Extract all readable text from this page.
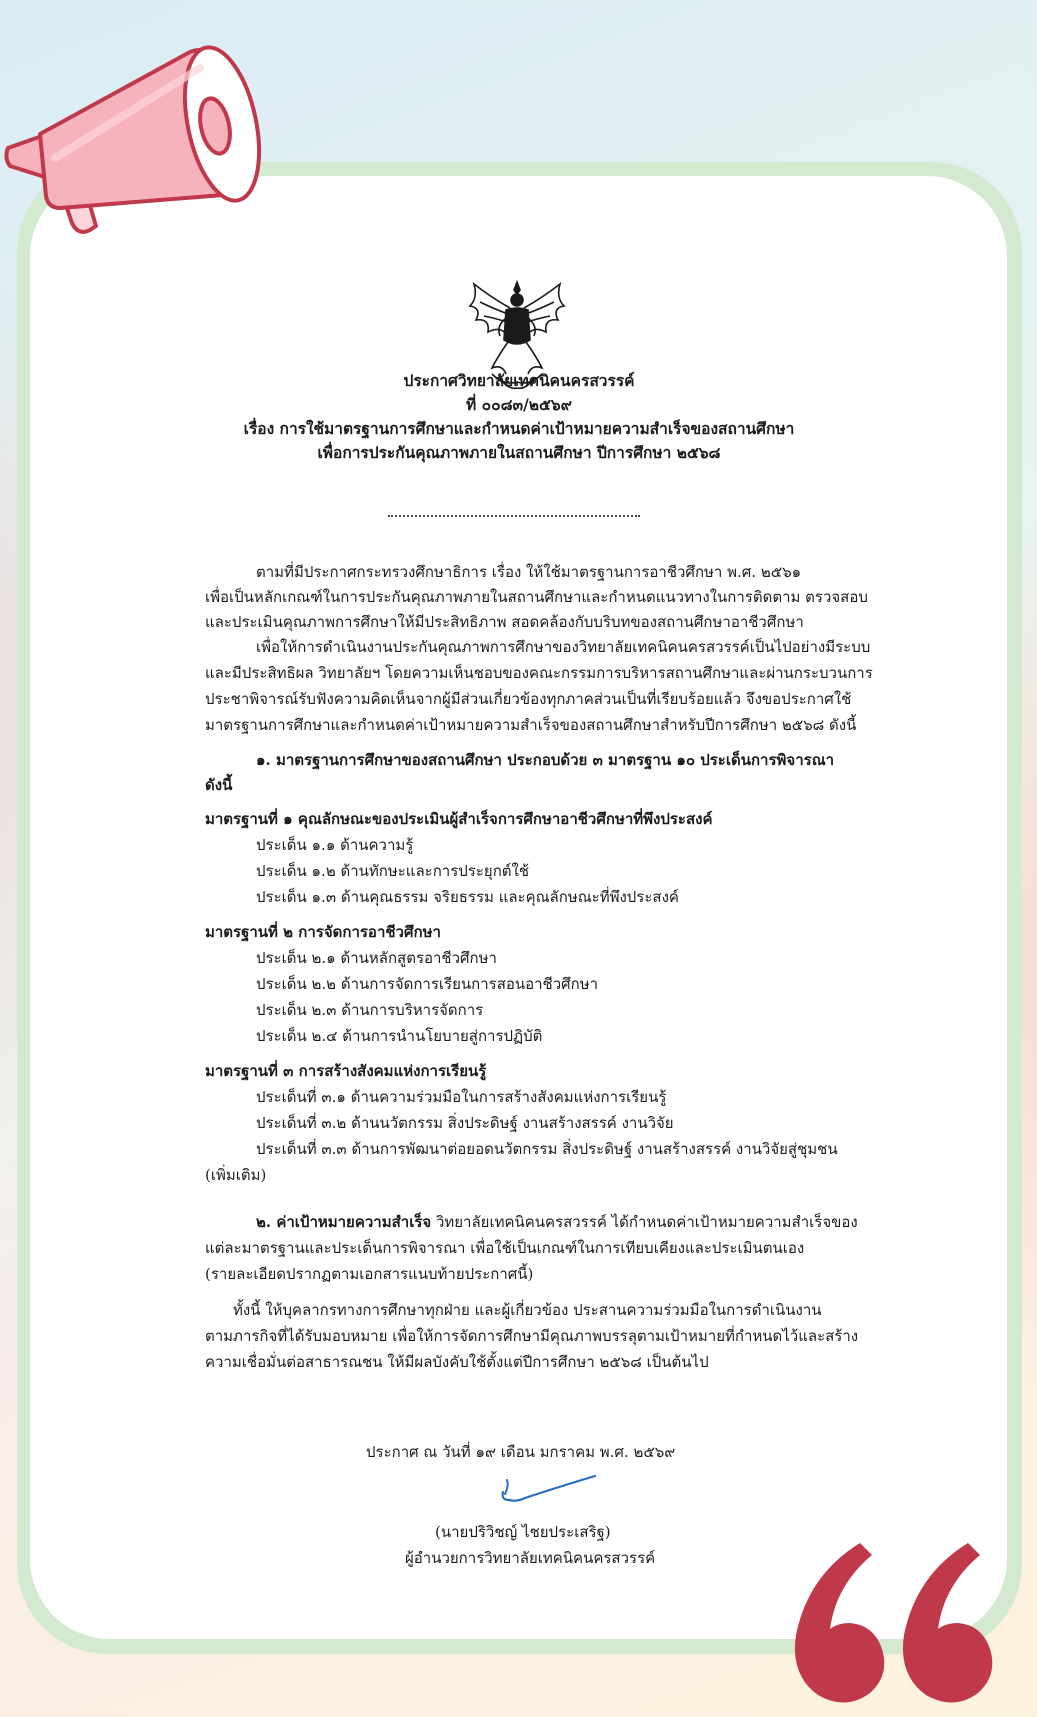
ประกาศวิทยาลัยเทคนิคนครสวรรค์
ที่ ๐๐๘๓/๒๕๖๙
เรื่อง การใช้มาตรฐานการศึกษาและกำหนดค่าเป้าหมายความสำเร็จของสถานศึกษา
เพื่อการประกันคุณภาพภายในสถานศึกษา ปีการศึกษา ๒๕๖๘
ตามที่มีประกาศกระทรวงศึกษาธิการ เรื่อง ให้ใช้มาตรฐานการอาชีวศึกษา พ.ศ. ๒๕๖๑
เพื่อเป็นหลักเกณฑ์ในการประกันคุณภาพภายในสถานศึกษาและกำหนดแนวทางในการติดตาม ตรวจสอบ
และประเมินคุณภาพการศึกษาให้มีประสิทธิภาพ สอดคล้องกับบริบทของสถานศึกษาอาชีวศึกษา
เพื่อให้การดำเนินงานประกันคุณภาพการศึกษาของวิทยาลัยเทคนิคนครสวรรค์เป็นไปอย่างมีระบบ
และมีประสิทธิผล วิทยาลัยฯ โดยความเห็นชอบของคณะกรรมการบริหารสถานศึกษาและผ่านกระบวนการ
ประชาพิจารณ์รับฟังความคิดเห็นจากผู้มีส่วนเกี่ยวข้องทุกภาคส่วนเป็นที่เรียบร้อยแล้ว จึงขอประกาศใช้
มาตรฐานการศึกษาและกำหนดค่าเป้าหมายความสำเร็จของสถานศึกษาสำหรับปีการศึกษา ๒๕๖๘ ดังนี้
๑. มาตรฐานการศึกษาของสถานศึกษา ประกอบด้วย ๓ มาตรฐาน ๑๐ ประเด็นการพิจารณา
ดังนี้
มาตรฐานที่ ๑ คุณลักษณะของประเมินผู้สำเร็จการศึกษาอาชีวศึกษาที่พึงประสงค์
ประเด็น ๑.๑ ด้านความรู้
ประเด็น ๑.๒ ด้านทักษะและการประยุกต์ใช้
ประเด็น ๑.๓ ด้านคุณธรรม จริยธรรม และคุณลักษณะที่พึงประสงค์
มาตรฐานที่ ๒ การจัดการอาชีวศึกษา
ประเด็น ๒.๑ ด้านหลักสูตรอาชีวศึกษา
ประเด็น ๒.๒ ด้านการจัดการเรียนการสอนอาชีวศึกษา
ประเด็น ๒.๓ ด้านการบริหารจัดการ
ประเด็น ๒.๔ ด้านการนำนโยบายสู่การปฏิบัติ
มาตรฐานที่ ๓ การสร้างสังคมแห่งการเรียนรู้
ประเด็นที่ ๓.๑ ด้านความร่วมมือในการสร้างสังคมแห่งการเรียนรู้
ประเด็นที่ ๓.๒ ด้านนวัตกรรม สิ่งประดิษฐ์ งานสร้างสรรค์ งานวิจัย
ประเด็นที่ ๓.๓ ด้านการพัฒนาต่อยอดนวัตกรรม สิ่งประดิษฐ์ งานสร้างสรรค์ งานวิจัยสู่ชุมชน
(เพิ่มเติม)
๒. ค่าเป้าหมายความสำเร็จ วิทยาลัยเทคนิคนครสวรรค์ ได้กำหนดค่าเป้าหมายความสำเร็จของ
แต่ละมาตรฐานและประเด็นการพิจารณา เพื่อใช้เป็นเกณฑ์ในการเทียบเคียงและประเมินตนเอง
(รายละเอียดปรากฏตามเอกสารแนบท้ายประกาศนี้)
ทั้งนี้ ให้บุคลากรทางการศึกษาทุกฝ่าย และผู้เกี่ยวข้อง ประสานความร่วมมือในการดำเนินงาน
ตามภารกิจที่ได้รับมอบหมาย เพื่อให้การจัดการศึกษามีคุณภาพบรรลุตามเป้าหมายที่กำหนดไว้และสร้าง
ความเชื่อมั่นต่อสาธารณชน ให้มีผลบังคับใช้ตั้งแต่ปีการศึกษา ๒๕๖๘ เป็นต้นไป
ประกาศ ณ วันที่ ๑๙ เดือน มกราคม พ.ศ. ๒๕๖๙
(นายปริวิชญ์ ไชยประเสริฐ)
ผู้อำนวยการวิทยาลัยเทคนิคนครสวรรค์
